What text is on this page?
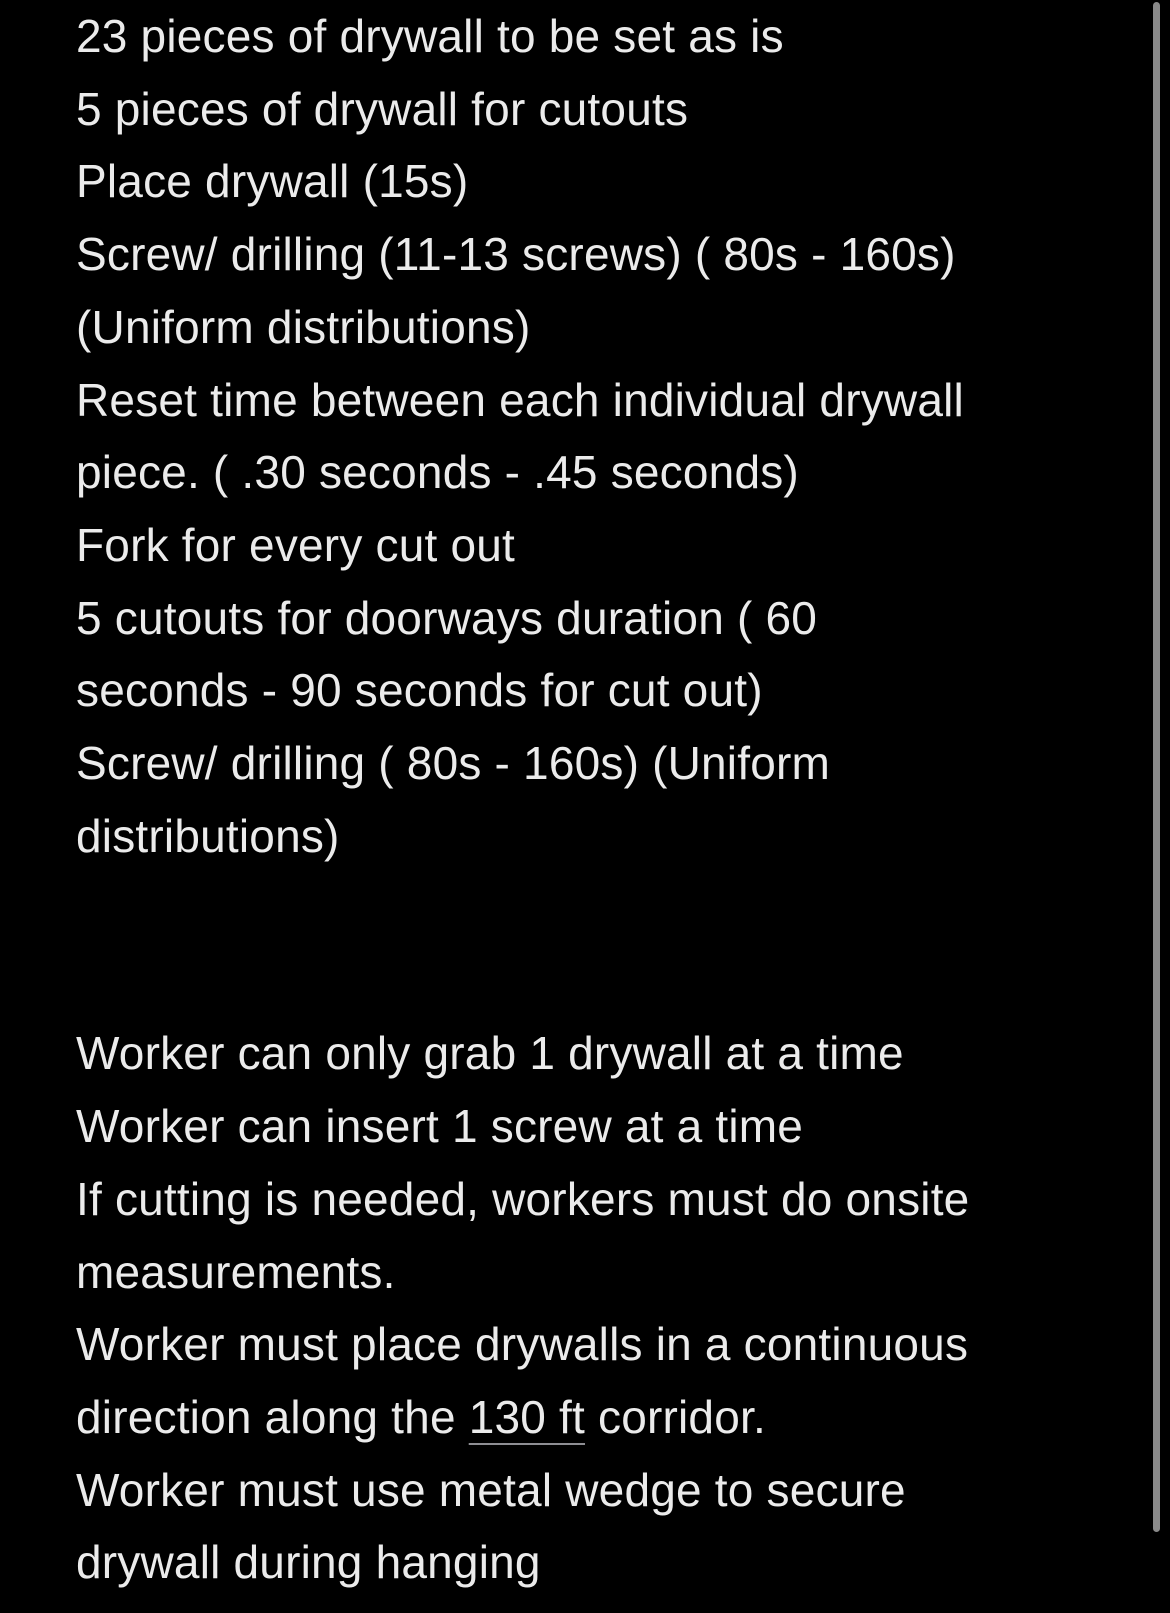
23 pieces of drywall to be set as is
5 pieces of drywall for cutouts
Place drywall (15s)
Screw/ drilling (11-13 screws) ( 80s - 160s)
(Uniform distributions)
Reset time between each individual drywall
piece. ( .30 seconds - .45 seconds)
Fork for every cut out
5 cutouts for doorways duration ( 60
seconds - 90 seconds for cut out)
Screw/ drilling ( 80s - 160s) (Uniform
distributions)
Worker can only grab 1 drywall at a time
Worker can insert 1 screw at a time
If cutting is needed, workers must do onsite
measurements.
Worker must place drywalls in a continuous
direction along the 130 ft corridor.
Worker must use metal wedge to secure
drywall during hanging
